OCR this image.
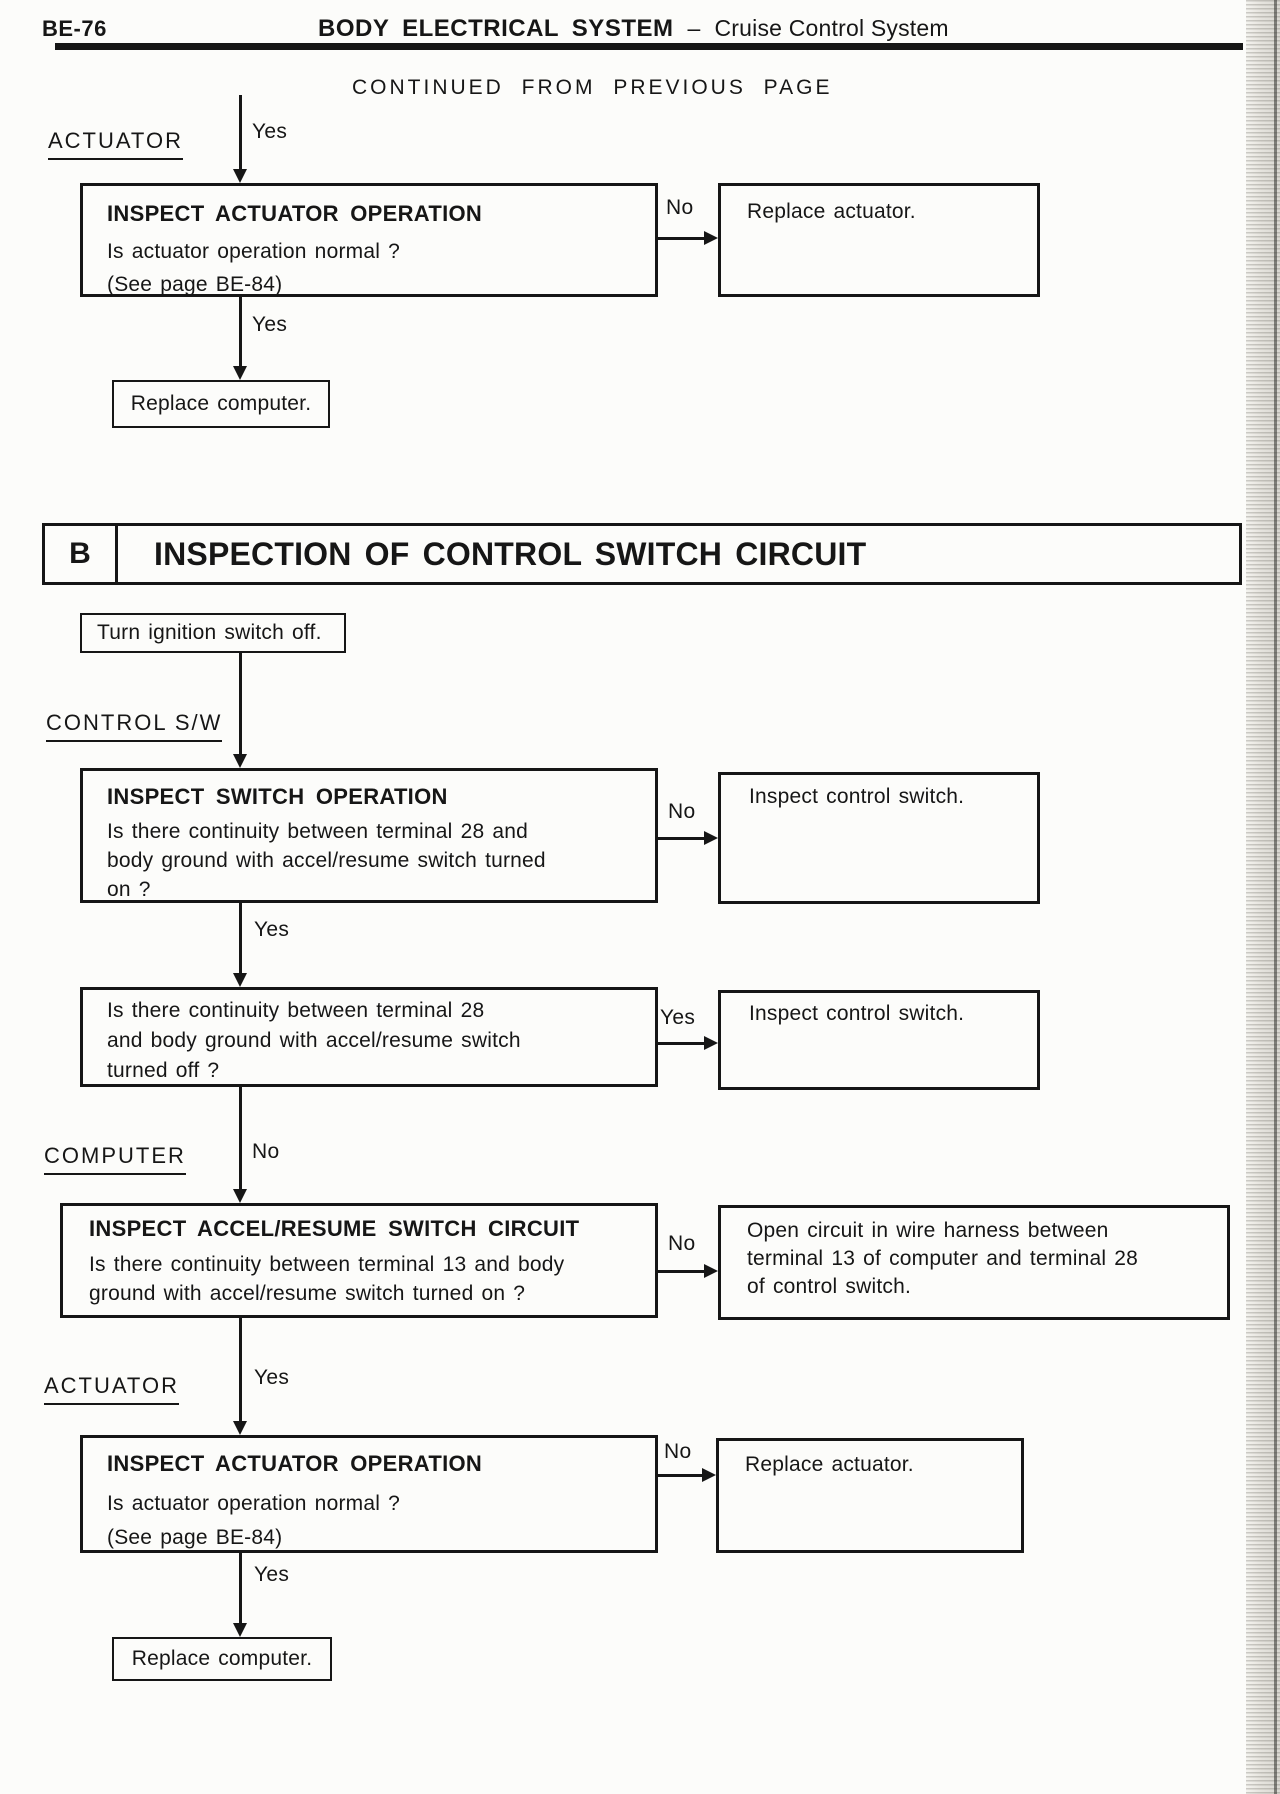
BE-76	BODY ELECTRICAL SYSTEM – Cruise Control System
CONTINUED FROM PREVIOUS PAGE
Yes
ACTUATOR
INSPECT ACTUATOR OPERATION
Is actuator operation normal ?
(See page BE-84)
No	Replace actuator.
Yes
Replace computer.
B	INSPECTION OF CONTROL SWITCH CIRCUIT
Turn ignition switch off.
CONTROL S/W
INSPECT SWITCH OPERATION
Is there continuity between terminal 28 and
body ground with accel/resume switch turned
on ?
No
Inspect control switch.
Yes
Is there continuity between terminal 28
and body ground with accel/resume switch
turned off ?
Yes	Inspect control switch.
No
COMPUTER
INSPECT ACCEL/RESUME SWITCH CIRCUIT
Is there continuity between terminal 13 and body
ground with accel/resume switch turned on ?
No
Open circuit in wire harness between
terminal 13 of computer and terminal 28
of control switch.
Yes
ACTUATOR
INSPECT ACTUATOR OPERATION
Is actuator operation normal ?
(See page BE-84)
No
Replace actuator.
Yes
Replace computer.
